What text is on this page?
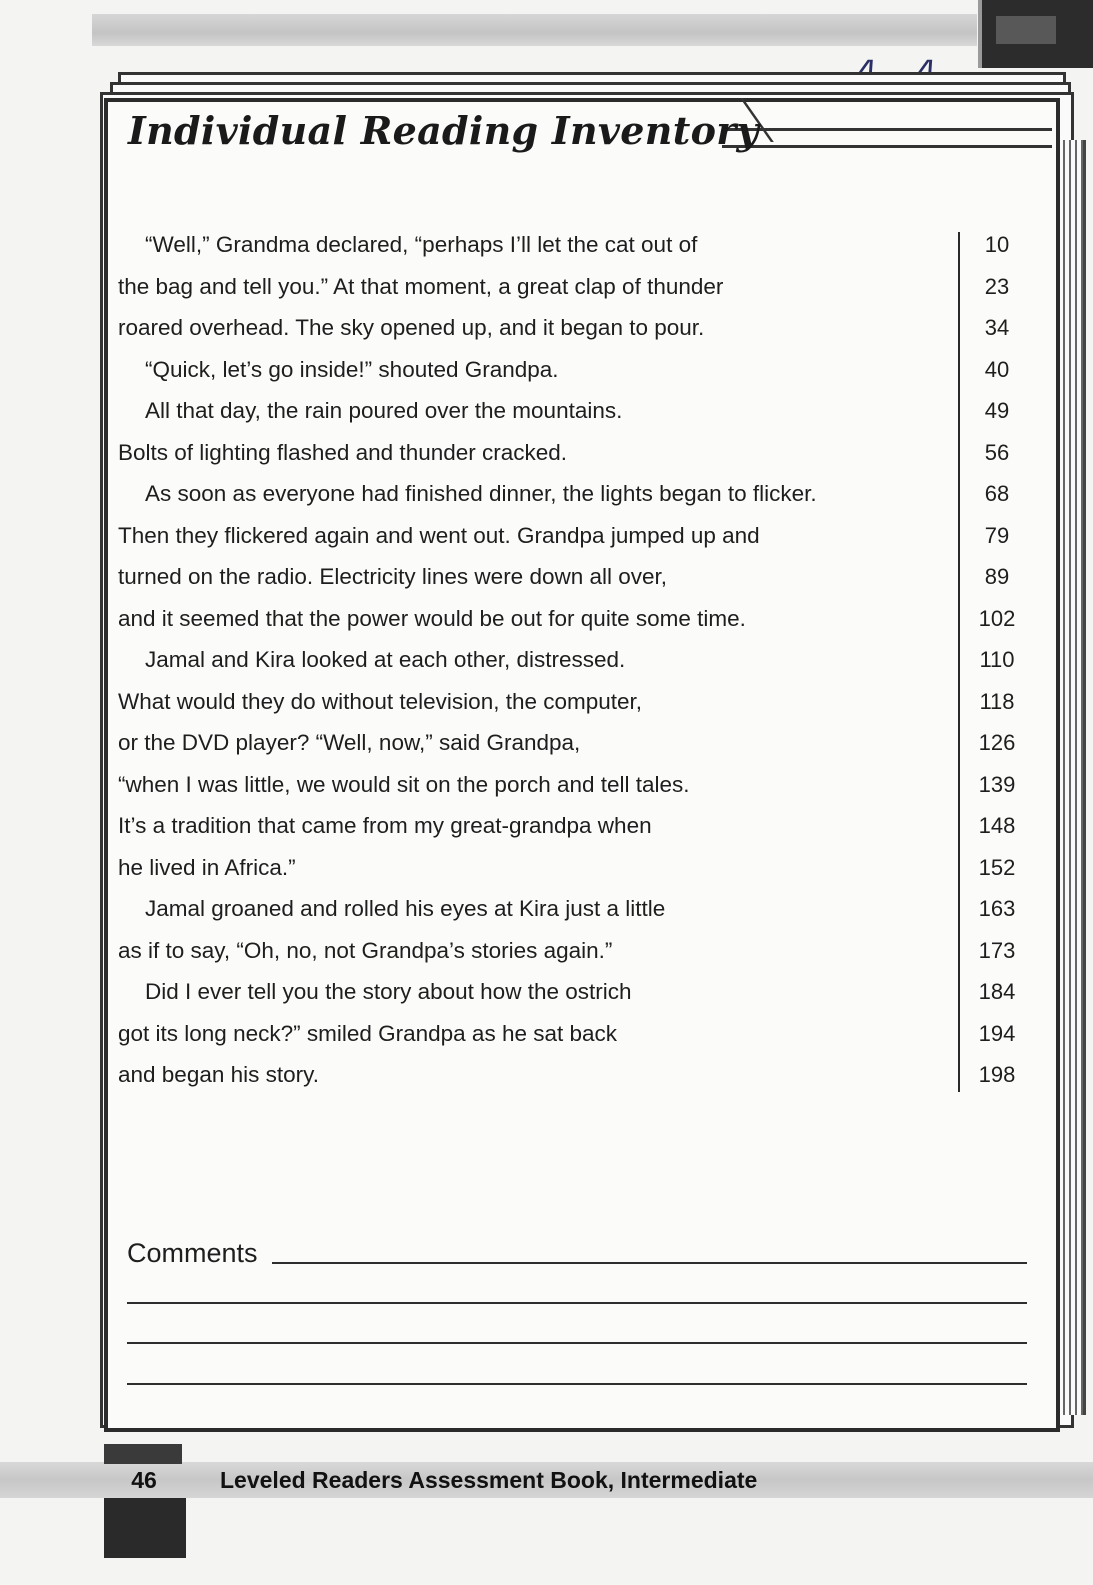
Individual Reading Inventory
“Well,” Grandma declared, “perhaps I’ll let the cat out of	10
the bag and tell you.” At that moment, a great clap of thunder	23
roared overhead. The sky opened up, and it began to pour.	34
“Quick, let’s go inside!” shouted Grandpa.	40
All that day, the rain poured over the mountains.	49
Bolts of lighting flashed and thunder cracked.	56
As soon as everyone had finished dinner, the lights began to flicker.	68
Then they flickered again and went out. Grandpa jumped up and	79
turned on the radio. Electricity lines were down all over,	89
and it seemed that the power would be out for quite some time.	102
Jamal and Kira looked at each other, distressed.	110
What would they do without television, the computer,	118
or the DVD player? “Well, now,” said Grandpa,	126
“when I was little, we would sit on the porch and tell tales.	139
It’s a tradition that came from my great-grandpa when	148
he lived in Africa.”	152
Jamal groaned and rolled his eyes at Kira just a little	163
as if to say, “Oh, no, not Grandpa’s stories again.”	173
Did I ever tell you the story about how the ostrich	184
got its long neck?” smiled Grandpa as he sat back	194
and began his story.	198
Comments
46	Leveled Readers Assessment Book, Intermediate
